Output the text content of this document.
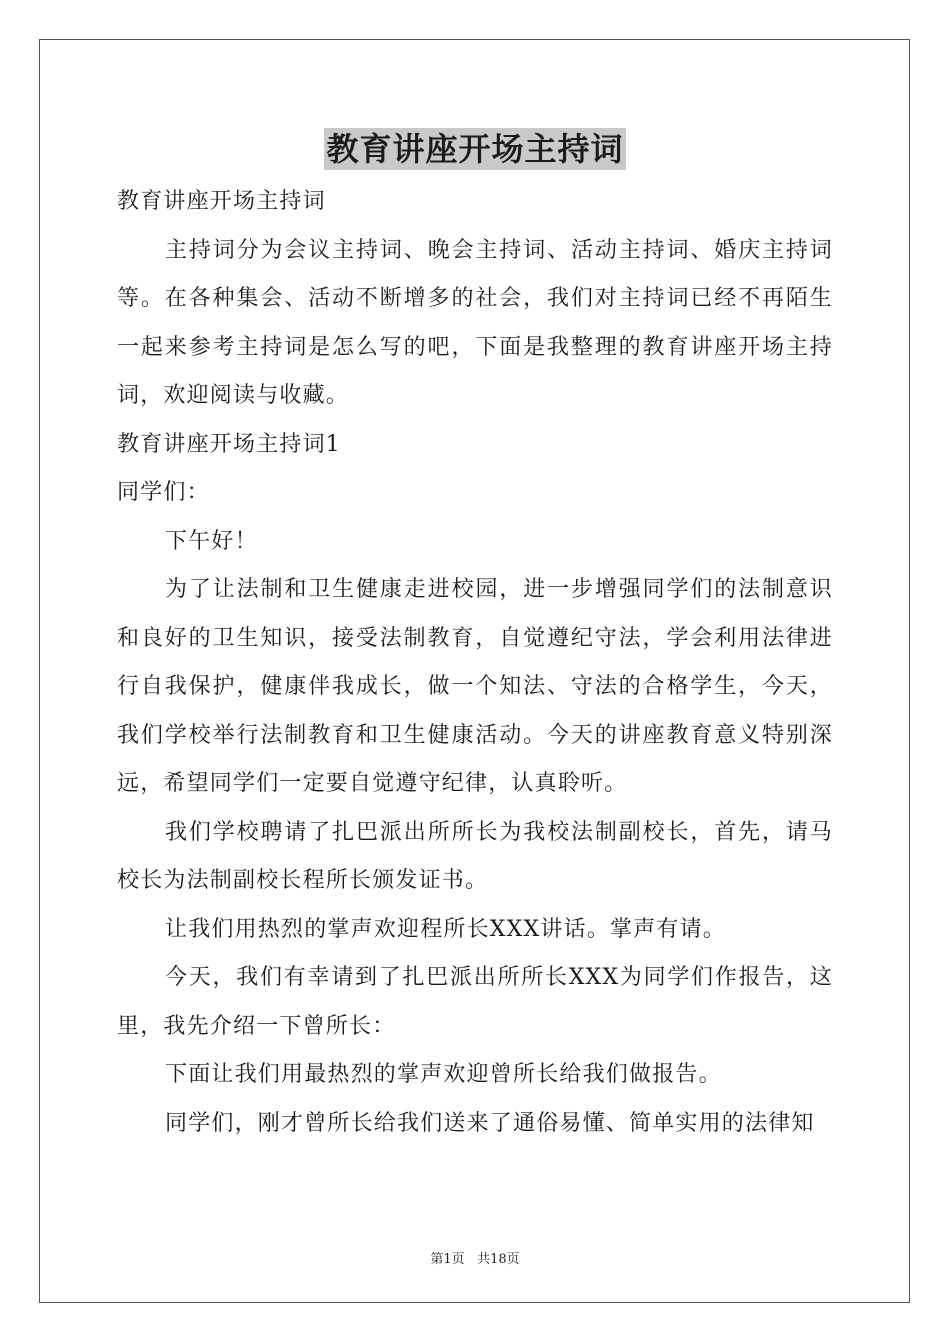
教育讲座开场主持词

教育讲座开场主持词

主持词分为会议主持词、晚会主持词、活动主持词、婚庆主持词等。在各种集会、活动不断增多的社会，我们对主持词已经不再陌生一起来参考主持词是怎么写的吧，下面是我整理的教育讲座开场主持词，欢迎阅读与收藏。

教育讲座开场主持词1

同学们：

下午好！

为了让法制和卫生健康走进校园，进一步增强同学们的法制意识和良好的卫生知识，接受法制教育，自觉遵纪守法，学会利用法律进行自我保护，健康伴我成长，做一个知法、守法的合格学生，今天，我们学校举行法制教育和卫生健康活动。今天的讲座教育意义特别深远，希望同学们一定要自觉遵守纪律，认真聆听。

我们学校聘请了扎巴派出所所长为我校法制副校长，首先，请马校长为法制副校长程所长颁发证书。

让我们用热烈的掌声欢迎程所长XXX讲话。掌声有请。

今天，我们有幸请到了扎巴派出所所长XXX为同学们作报告，这里，我先介绍一下曾所长：

下面让我们用最热烈的掌声欢迎曾所长给我们做报告。

同学们，刚才曾所长给我们送来了通俗易懂、简单实用的法律知

第1页 共18页
